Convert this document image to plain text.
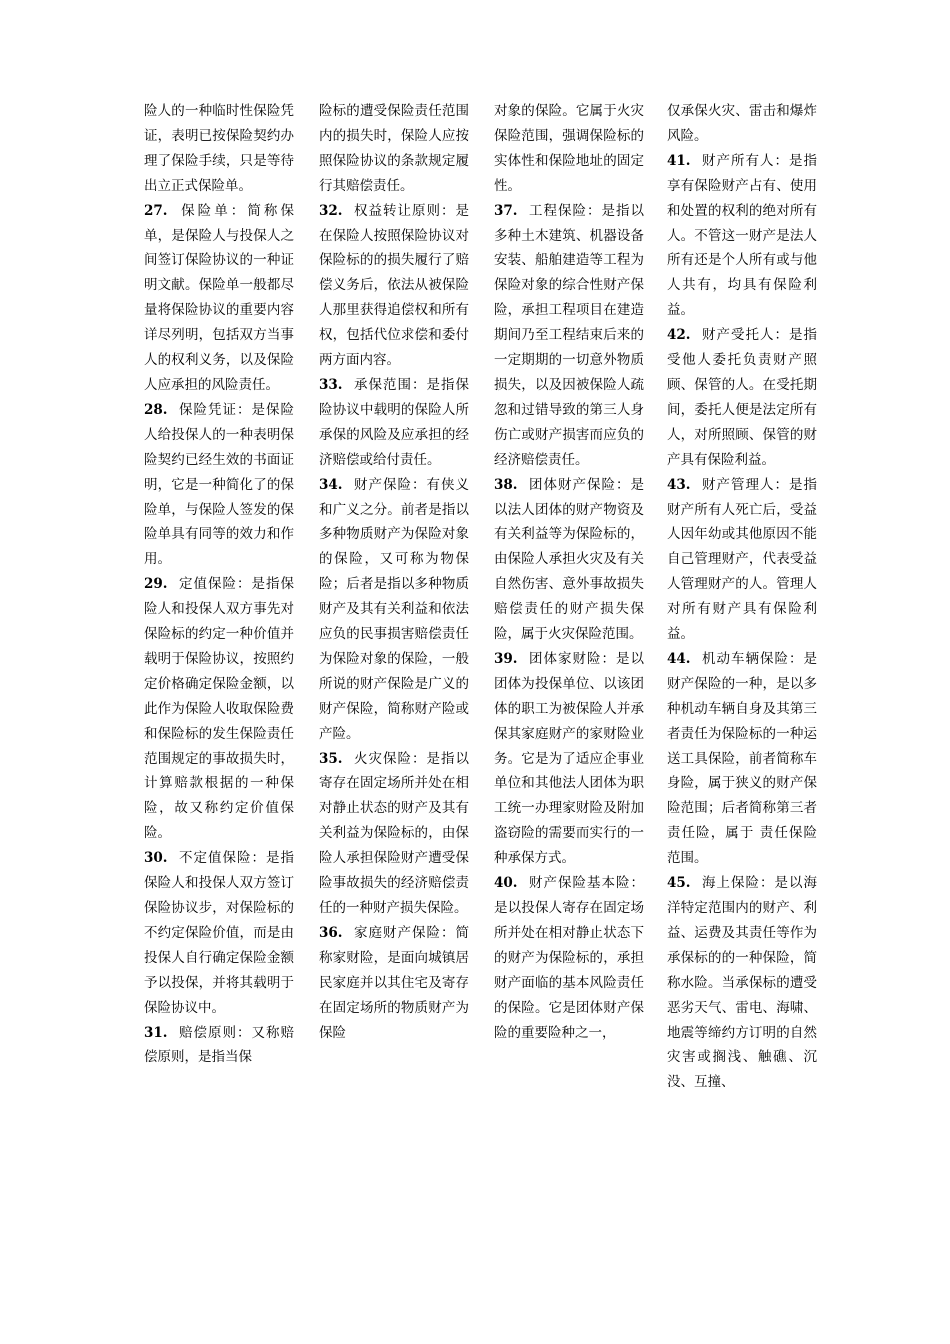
险人的一种临时性保险凭证，表明已按保险契约办理了保险手续，只是等待出立正式保险单。

27. 保险单：简称保单，是保险人与投保人之间签订保险协议的一种证明文献。保险单一般都尽量将保险协议的重要内容详尽列明，包括双方当事人的权利义务，以及保险人应承担的风险责任。

28. 保险凭证：是保险人给投保人的一种表明保险契约已经生效的书面证明，它是一种简化了的保险单，与保险人签发的保险单具有同等的效力和作用。

29. 定值保险：是指保险人和投保人双方事先对保险标的约定一种价值并载明于保险协议，按照约定价格确定保险金额，以此作为保险人收取保险费和保险标的发生保险责任范围规定的事故损失时，计算赔款根据的一种保险，故又称约定价值保险。

30. 不定值保险：是指保险人和投保人双方签订保险协议步，对保险标的不约定保险价值，而是由投保人自行确定保险金额予以投保，并将其载明于保险协议中。

31. 赔偿原则：又称赔偿原则，是指当保

险标的遭受保险责任范围内的损失时，保险人应按照保险协议的条款规定履行其赔偿责任。

32. 权益转让原则：是在保险人按照保险协议对保险标的的损失履行了赔偿义务后，依法从被保险人那里获得追偿权和所有权，包括代位求偿和委付两方面内容。

33. 承保范围：是指保险协议中载明的保险人所承保的风险及应承担的经济赔偿或给付责任。

34. 财产保险：有侠义和广义之分。前者是指以多种物质财产为保险对象的保险，又可称为物保险；后者是指以多种物质财产及其有关利益和依法应负的民事损害赔偿责任为保险对象的保险，一般所说的财产保险是广义的财产保险，简称财产险或产险。

35. 火灾保险：是指以寄存在固定场所并处在相对静止状态的财产及其有关利益为保险标的，由保险人承担保险财产遭受保险事故损失的经济赔偿责任的一种财产损失保险。

36. 家庭财产保险：简称家财险，是面向城镇居民家庭并以其住宅及寄存在固定场所的物质财产为保险

对象的保险。它属于火灾保险范围，强调保险标的实体性和保险地址的固定性。

37. 工程保险：是指以多种土木建筑、机器设备安装、船舶建造等工程为保险对象的综合性财产保险，承担工程项目在建造期间乃至工程结束后来的一定期期的一切意外物质损失，以及因被保险人疏忽和过错导致的第三人身伤亡或财产损害而应负的经济赔偿责任。

38. 团体财产保险：是以法人团体的财产物资及有关利益等为保险标的，由保险人承担火灾及有关自然伤害、意外事故损失赔偿责任的财产损失保险，属于火灾保险范围。

39. 团体家财险：是以团体为投保单位、以该团体的职工为被保险人并承保其家庭财产的家财险业务。它是为了适应企事业单位和其他法人团体为职工统一办理家财险及附加盗窃险的需要而实行的一种承保方式。

40. 财产保险基本险：是以投保人寄存在固定场所并处在相对静止状态下的财产为保险标的，承担财产面临的基本风险责任的保险。它是团体财产保险的重要险种之一，

仅承保火灾、雷击和爆炸风险。

41. 财产所有人：是指享有保险财产占有、使用和处置的权利的绝对所有人。不管这一财产是法人所有还是个人所有或与他人共有，均具有保险利益。

42. 财产受托人：是指受他人委托负责财产照顾、保管的人。在受托期间，委托人便是法定所有人，对所照顾、保管的财产具有保险利益。

43. 财产管理人：是指财产所有人死亡后，受益人因年幼或其他原因不能自己管理财产，代表受益人管理财产的人。管理人对所有财产具有保险利益。

44. 机动车辆保险：是财产保险的一种，是以多种机动车辆自身及其第三者责任为保险标的一种运送工具保险，前者简称车身险，属于狭义的财产保险范围；后者简称第三者责任险，属于 责任保险范围。

45. 海上保险：是以海洋特定范围内的财产、利益、运费及其责任等作为承保标的的一种保险，简称水险。当承保标的遭受恶劣天气、雷电、海啸、地震等缔约方订明的自然灾害或搁浅、触礁、沉没、互撞、
